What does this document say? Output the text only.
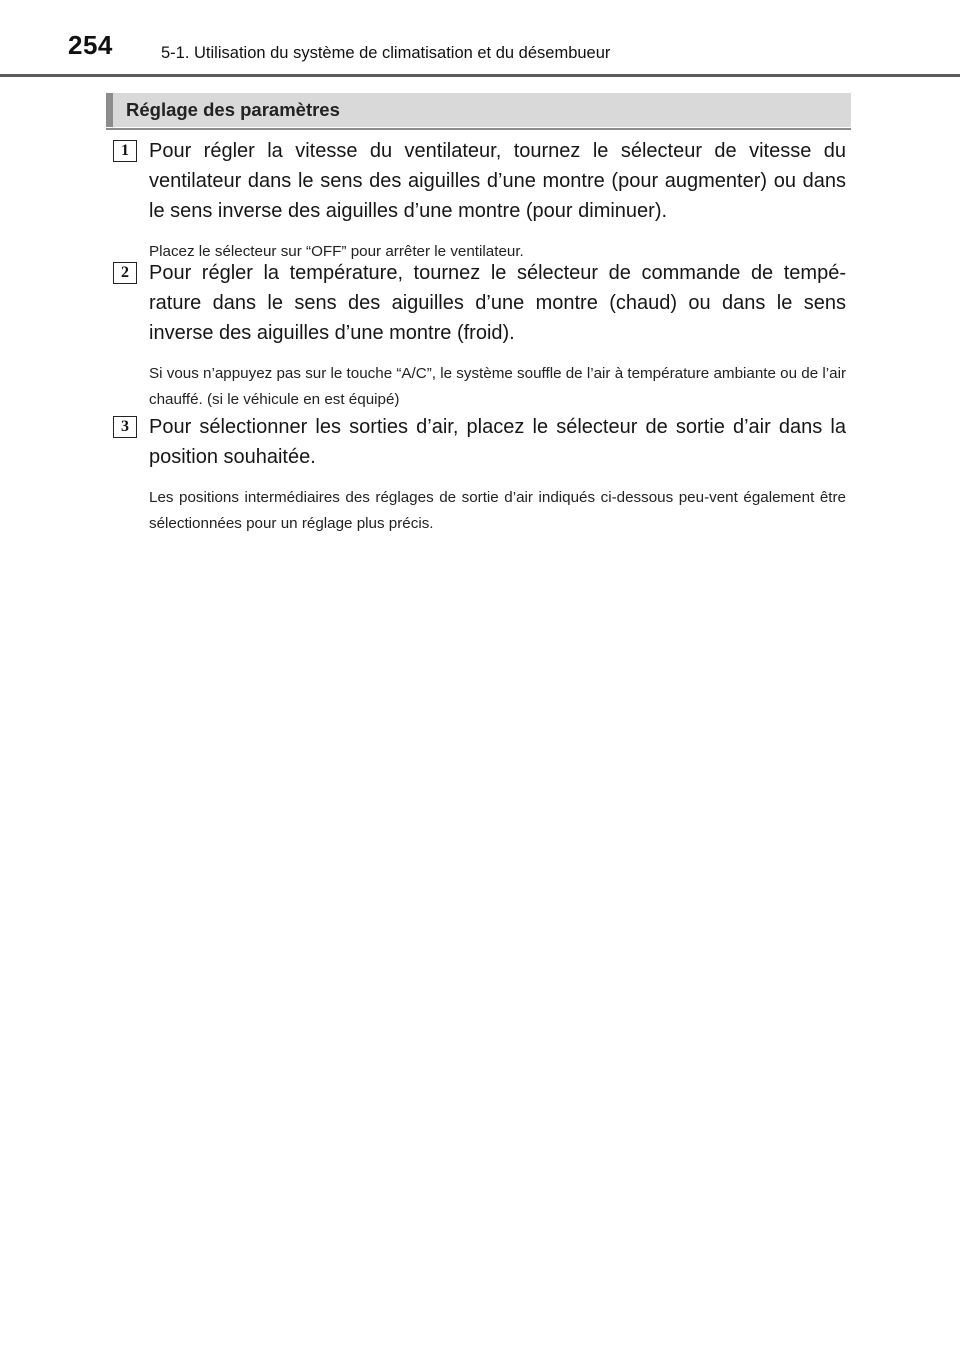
254	5-1. Utilisation du système de climatisation et du désembueur
Réglage des paramètres
1	Pour régler la vitesse du ventilateur, tournez le sélecteur de vitesse du ventilateur dans le sens des aiguilles d’une montre (pour augmenter) ou dans le sens inverse des aiguilles d’une montre (pour diminuer).
Placez le sélecteur sur “OFF” pour arrêter le ventilateur.
2	Pour régler la température, tournez le sélecteur de commande de tempé-rature dans le sens des aiguilles d’une montre (chaud) ou dans le sens inverse des aiguilles d’une montre (froid).
Si vous n’appuyez pas sur le touche “A/C”, le système souffle de l’air à température ambiante ou de l’air chauffé. (si le véhicule en est équipé)
3	Pour sélectionner les sorties d’air, placez le sélecteur de sortie d’air dans la position souhaitée.
Les positions intermédiaires des réglages de sortie d’air indiqués ci-dessous peu-vent également être sélectionnées pour un réglage plus précis.
